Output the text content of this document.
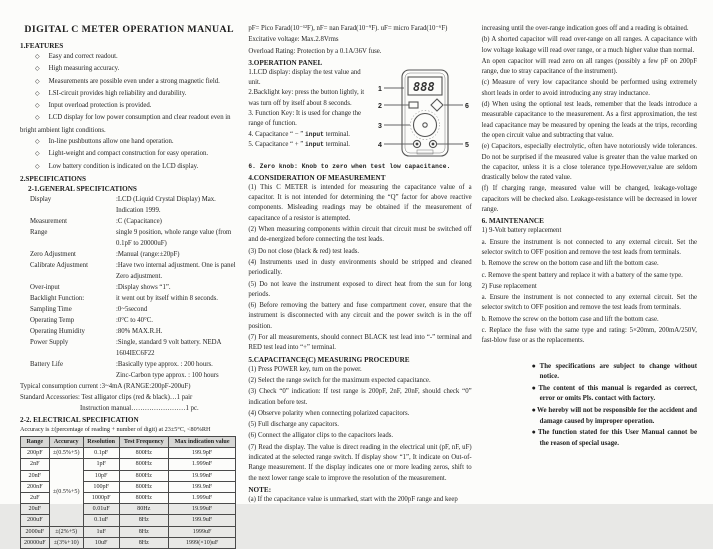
DIGITAL C METER OPERATION MANUAL
1.FEATURES
◇ Easy and correct readout.
◇ High measuring accuracy.
◇ Measurements are possible even under a strong magnetic field.
◇ LSI-circuit provides high reliability and durability.
◇ Input overload protection is provided.
◇ LCD display for low power consumption and clear readout even in bright ambient light conditions.
◇ In-line pushbuttons allow one hand operation.
◇ Light-weight and compact construction for easy operation.
◇ Low battery condition is indicated on the LCD display.
2.SPECIFICATIONS
2-1.GENERAL SPECIFICATIONS
Display	:LCD (Liquid Crystal Display) Max. Indication 1999.
Measurement	:C (Capacitance)
Range	single 9 position, whole range value (from 0.1pF to 20000uF)
Zero Adjustment	:Manual (range:±20pF)
Calibrate Adjustment	:Have two internal adjustment. One is panel Zero adjustment.
Over-input	:Display shows “1”.
Backlight Function:	it went out by itself within 8 seconds.
Sampling Time	:0~5second
Operating Temp	:0°C to 40°C.
Operating Humidity	:80% MAX.R.H.
Power Supply	:Single, standard 9 volt battery. NEDA 1604IEC6F22
Battery Life	:Basically type approx. : 200 hours.
Zinc-Carbon type approx. : 100 hours
Typical consumption current :3~4mA (RANGE:200pF-200uF)
Standard Accessories: Test alligator clips (red & black)…1 pair
Instruction manual……………………1 pc.
2-2. ELECTRICAL SPECIFICATION
Accuracy is ±(percentage of reading + number of digit) at 23±5°C, <80%RH
Range	Accuracy	Resolution	Test Frequency	Max indication value
200pF	±(0.5%+5)	0.1pF	800Hz	199.9pF
2nF	±(0.5%+5)	1pF	800Hz	1.999nF
20nF		10pF	800Hz	19.99nF
200nF		100pF	800Hz	199.9nF
2uF		1000pF	800Hz	1.999uF
20uF		0.01uF	80Hz	19.99uF
200uF		0.1uF	8Hz	199.9uF
2000uF	±(2%+5)	1uF	8Hz	1999uF
20000uF	±(3%+10)	10uF	8Hz	1999(×10)uF
pF= Pico Farad(10⁻¹²F), nF= nan Farad(10⁻⁹F). uF= micro Farad(10⁻⁶F)
Excitative voltage: Max.2.8Vrms
Overload Rating: Protection by a 0.1A/36V fuse.
3.OPERATION PANEL
1
2
3
4
6
5
888
1.LCD display: display the test value and unit.
2.Backlight key: press the button lightly, it was turn off by itself about 8 seconds.
3. Function Key: It is used for change the range of function.
4. Capacitance “ − ” input terminal.
5. Capacitance “ + ” input terminal.
6. Zero knob: Knob to zero when test low capacitance.
4.CONSIDERATION OF MEASUREMENT
(1) This C METER is intended for measuring the capacitance value of a capacitor. It is not intended for determining the “Q” factor for above reactive components. Misleading readings may be obtained if the measurement of capacitance of a resistor is attempted.
(2) When measuring components within circuit that circuit must be switched off and de-energized before connecting the test leads.
(3) Do not close (black & red) test leads.
(4) Instruments used in dusty environments should be stripped and cleaned periodically.
(5) Do not leave the instrument exposed to direct heat from the sun for long periods.
(6) Before removing the battery and fuse compartment cover, ensure that the instrument is disconnected with any circuit and the power switch is in the off position.
(7) For all measurements, should connect BLACK test lead into “-” terminal and RED test lead into “+” terminal.
5.CAPACITANCE(C) MEASURING PROCEDURE
(1) Press POWER key, turn on the power.
(2) Select the range switch for the maximum expected capacitance.
(3) Check “0” indication: If test range is 200pF, 2nF, 20nF, should check “0” indication before test.
(4) Observe polarity when connecting polarized capacitors.
(5) Full discharge any capacitors.
(6) Connect the alligator clips to the capacitors leads.
(7) Read the display. The value is direct reading in the electrical unit (pF, nF, uF) indicated at the selected range switch. If display show “1”, It indicate on Out-of-Range measurement. If the display indicates one or more leading zeros, shift to the next lower range scale to improve the resolution of the measurement.
NOTE:
(a) If the capacitance value is unmarked, start with the 200pF range and keep
increasing until the over-range indication goes off and a reading is obtained.
(b) A shorted capacitor will read over-range on all ranges. A capacitance with low voltage leakage will read over range, or a much higher value than normal.
An open capacitor will read zero on all ranges (possibly a few pF on 200pF range, due to stray capacitance of the instrument).
(c) Measure of very low capacitance should be performed using extremely short leads in order to avoid introducing any stray inductance.
(d) When using the optional test leads, remember that the leads introduce a measurable capacitance to the measurement. As a first approximation, the test lead capacitance may be measured by opening the leads at the trips, recording the open circuit value and subtracting that value.
(e) Capacitors, especially electrolytic, often have notoriously wide tolerances. Do not be surprised if the measured value is greater than the value marked on the capacitor, unless it is a close tolerance type.However,value are seldom drastically below the rated value.
(f) If charging range, measured value will be changed, leakage-voltage capacitors will be checked also. Leakage-resistance will be decreased in lower range.
6. MAINTENANCE
1) 9-Volt battery replacement
a. Ensure the instrument is not connected to any external circuit. Set the selector switch to OFF position and remove the test leads from terminals.
b. Remove the screw on the bottom case and lift the bottom case.
c. Remove the spent battery and replace it with a battery of the same type.
2) Fuse replacement
a. Ensure the instrument is not connected to any external circuit. Set the selector switch to OFF position and remove the test leads from terminals.
b. Remove the screw on the bottom case and lift the bottom case.
c. Replace the fuse with the same type and rating: 5×20mm, 200mA/250V, fast-blow fuse or as the replacements.
●The specifications are subject to change without notice.
●The content of this manual is regarded as correct, error or omits Pls. contact with factory.
●We hereby will not be responsible for the accident and damage caused by improper operation.
●The function stated for this User Manual cannot be the reason of special usage.
